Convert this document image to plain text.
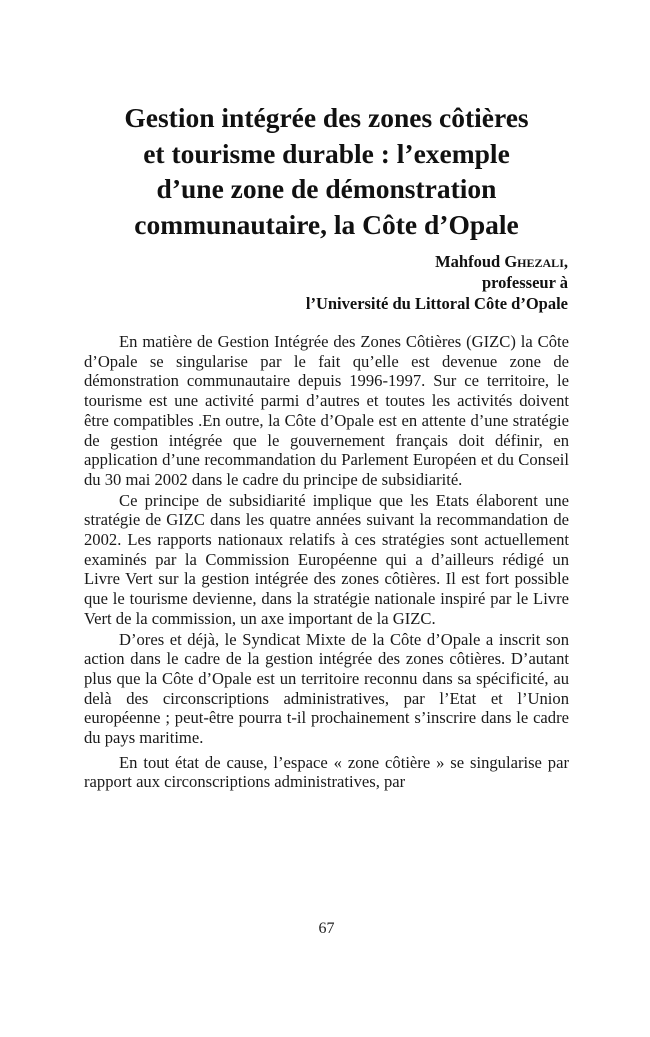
Gestion intégrée des zones côtières
et tourisme durable : l’exemple
d’une zone de démonstration
communautaire, la Côte d’Opale
Mahfoud Ghezali,
professeur à
l’Université du Littoral Côte d’Opale

En matière de Gestion Intégrée des Zones Côtières (GIZC) la Côte d’Opale se singularise par le fait qu’elle est devenue zone de démonstration communautaire depuis 1996-1997. Sur ce territoire, le tourisme est une activité parmi d’autres et toutes les activités doivent être compatibles .En outre, la Côte d’Opale est en attente d’une stratégie de gestion intégrée que le gouvernement français doit définir, en application d’une recommandation du Parlement Européen et du Conseil du 30 mai 2002 dans le cadre du principe de subsidiarité.

Ce principe de subsidiarité implique que les Etats élaborent une stratégie de GIZC dans les quatre années suivant la recommandation de 2002. Les rapports nationaux relatifs à ces stratégies sont actuellement examinés par la Commission Européenne qui a d’ailleurs rédigé un Livre Vert sur la gestion intégrée des zones côtières. Il est fort possible que le tourisme devienne, dans la stratégie nationale inspiré par le Livre Vert de la commission, un axe important de la GIZC.

D’ores et déjà, le Syndicat Mixte de la Côte d’Opale a inscrit son action dans le cadre de la gestion intégrée des zones côtières. D’autant plus que la Côte d’Opale est un territoire reconnu dans sa spécificité, au delà des circonscriptions administratives, par l’Etat et l’Union européenne ; peut-être pourra t-il prochainement s’inscrire dans le cadre du pays maritime.

En tout état de cause, l’espace « zone côtière » se singularise par rapport aux circonscriptions administratives, par

67
